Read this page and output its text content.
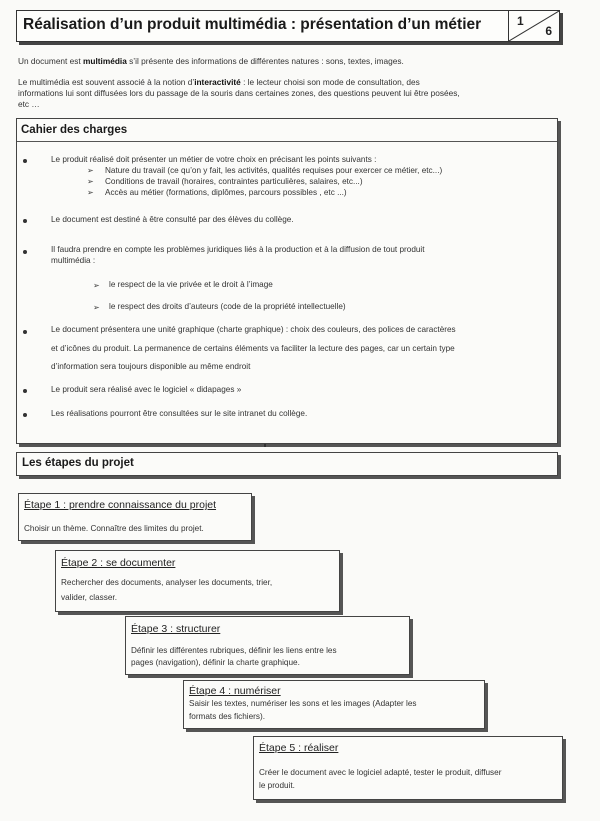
Réalisation d’un produit multimédia : présentation d’un métier	1
6
Un document est multimédia s’il présente des informations de différentes natures : sons, textes, images.
Le multimédia est souvent associé à la notion d’interactivité : le lecteur choisi son mode de consultation, des
informations lui sont diffusées lors du passage de la souris dans certaines zones, des questions peuvent lui être posées,
etc …
Cahier des charges
Le produit réalisé doit présenter un métier de votre choix en précisant les points suivants :
➢ Nature du travail (ce qu’on y fait, les activités, qualités requises pour exercer ce métier, etc...)
➢ Conditions de travail (horaires, contraintes particulières, salaires, etc...)
➢ Accès au métier (formations, diplômes, parcours possibles , etc ...)
Le document est destiné à être consulté par des élèves du collège.
Il faudra prendre en compte les problèmes juridiques liés à la production et à la diffusion de tout produit
multimédia :
➢ le respect de la vie privée et le droit à l’image
➢ le respect des droits d’auteurs (code de la propriété intellectuelle)
Le document présentera une unité graphique (charte graphique) : choix des couleurs, des polices de caractères
et d’icônes du produit. La permanence de certains éléments va faciliter la lecture des pages, car un certain type
d’information sera toujours disponible au même endroit
Le produit sera réalisé avec le logiciel « didapages »
Les réalisations pourront être consultées sur le site intranet du collège.
Les étapes du projet
Étape 1 : prendre connaissance du projet
Choisir un thème. Connaître des limites du projet.
Étape 2 : se documenter
Rechercher des documents, analyser les documents, trier,
valider, classer.
Étape 3 : structurer
Définir les différentes rubriques, définir les liens entre les
pages (navigation), définir la charte graphique.
Étape 4 : numériser
Saisir les textes, numériser les sons et les images (Adapter les
formats des fichiers).
Étape 5 : réaliser
Créer le document avec le logiciel adapté, tester le produit, diffuser
le produit.
